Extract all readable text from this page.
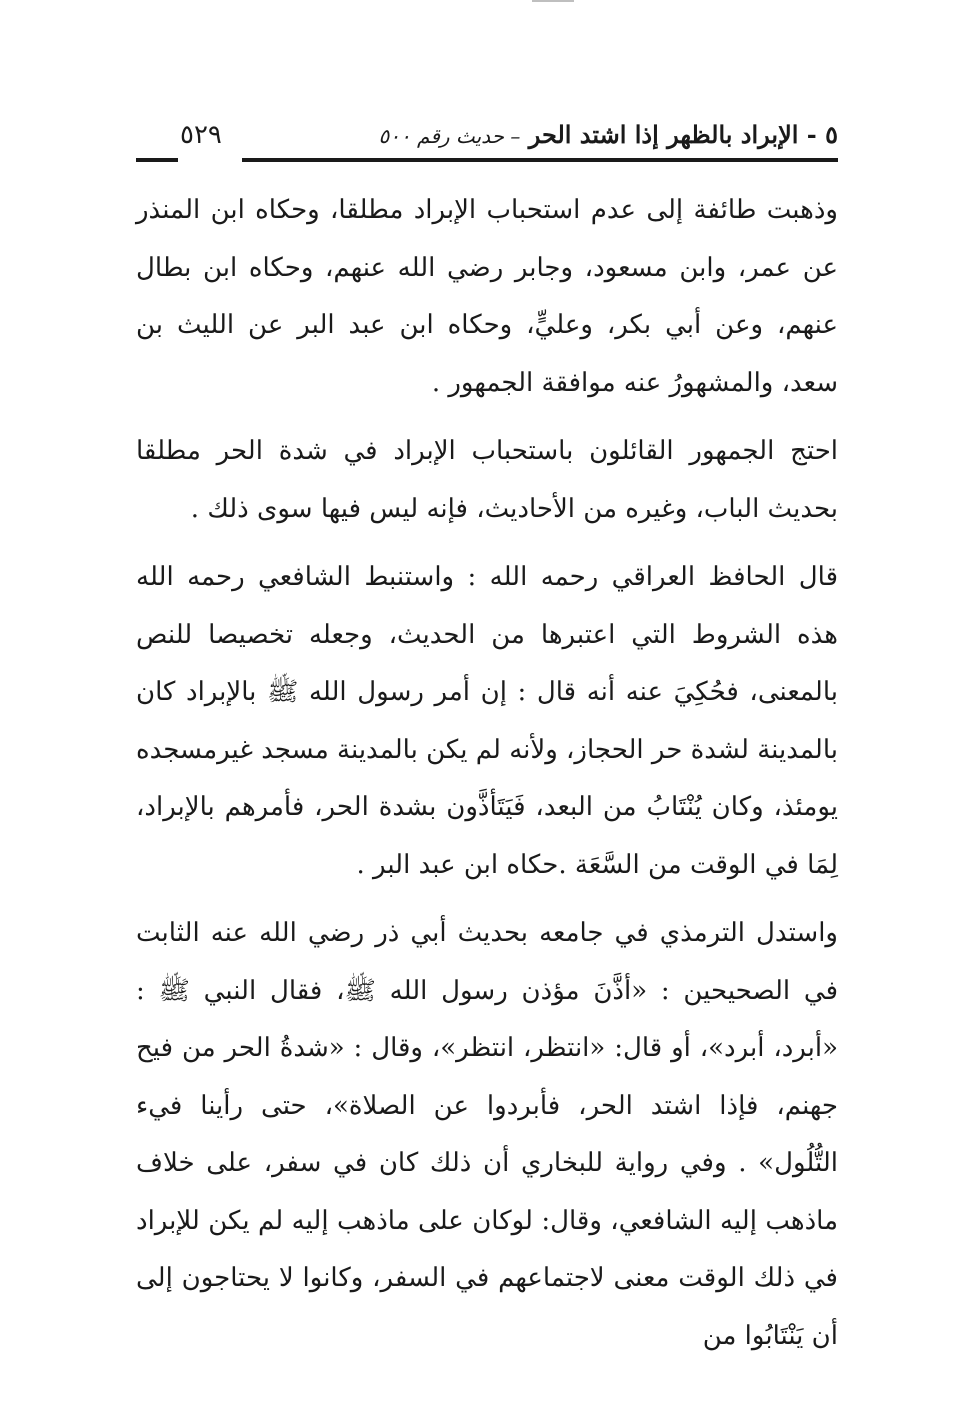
٥ - الإبراد بالظهر إذا اشتد الحر – حديث رقم ٥٠٠
٥٢٩

وذهبت طائفة إلى عدم استحباب الإبراد مطلقا، وحكاه ابن المنذر عن عمر، وابن مسعود، وجابر رضي الله عنهم، وحكاه ابن بطال عنهم، وعن أبي بكر، وعليٍّ، وحكاه ابن عبد البر عن الليث بن سعد، والمشهورُ عنه موافقة الجمهور .

احتج الجمهور القائلون باستحباب الإبراد في شدة الحر مطلقا بحديث الباب، وغيره من الأحاديث، فإنه ليس فيها سوى ذلك .

قال الحافظ العراقي رحمه الله : واستنبط الشافعي رحمه الله هذه الشروط التي اعتبرها من الحديث، وجعله تخصيصا للنص بالمعنى، فحُكِيَ عنه أنه قال : إن أمر رسول الله ﷺ بالإبراد كان بالمدينة لشدة حر الحجاز، ولأنه لم يكن بالمدينة مسجد غيرمسجده يومئذ، وكان يُنْتَابُ من البعد، فَيَتَأذَّون بشدة الحر، فأمرهم بالإبراد، لِمَا في الوقت من السَّعَة .حكاه ابن عبد البر .

واستدل الترمذي في جامعه بحديث أبي ذر رضي الله عنه الثابت في الصحيحين : «أذَّنَ مؤذن رسول الله ﷺ، فقال النبي ﷺ : «أبرد، أبرد»، أو قال: «انتظر، انتظر»، وقال : «شدةُ الحر من فيح جهنم، فإذا اشتد الحر، فأبردوا عن الصلاة»، حتى رأينا فيء التُّلُول» . وفي رواية للبخاري أن ذلك كان في سفر، على خلاف ماذهب إليه الشافعي، وقال: لوكان على ماذهب إليه لم يكن للإبراد في ذلك الوقت معنى لاجتماعهم في السفر، وكانوا لا يحتاجون إلى أن يَنْتَابُوا من
